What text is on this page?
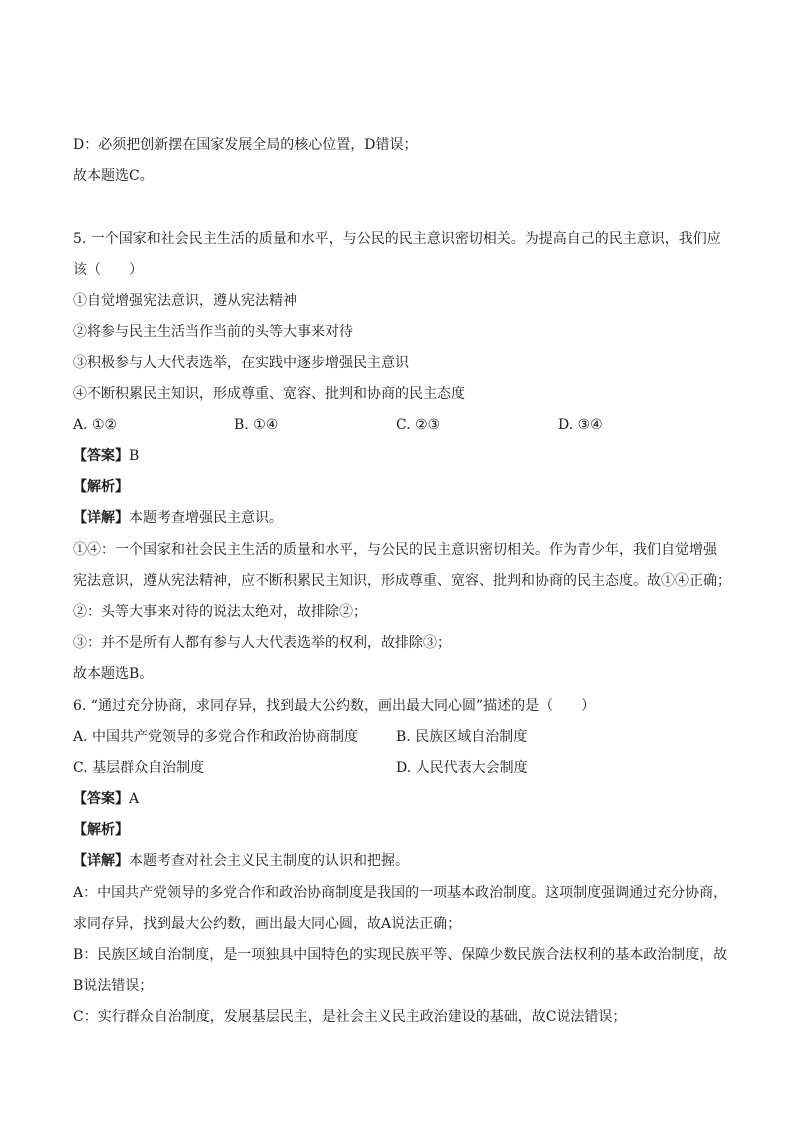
D：必须把创新摆在国家发展全局的核心位置，D错误；
故本题选C。
5. 一个国家和社会民主生活的质量和水平，与公民的民主意识密切相关。为提高自己的民主意识，我们应
该（　　）
①自觉增强宪法意识，遵从宪法精神
②将参与民主生活当作当前的头等大事来对待
③积极参与人大代表选举，在实践中逐步增强民主意识
④不断积累民主知识，形成尊重、宽容、批判和协商的民主态度
A. ①②	B. ①④	C. ②③	D. ③④
【答案】B
【解析】
【详解】本题考查增强民主意识。
①④：一个国家和社会民主生活的质量和水平，与公民的民主意识密切相关。作为青少年，我们自觉增强
宪法意识，遵从宪法精神，应不断积累民主知识，形成尊重、宽容、批判和协商的民主态度。故①④正确；
②：头等大事来对待的说法太绝对，故排除②；
③：并不是所有人都有参与人大代表选举的权利，故排除③；
故本题选B。
6. “通过充分协商，求同存异，找到最大公约数，画出最大同心圆”描述的是（　　）
A. 中国共产党领导的多党合作和政治协商制度	B. 民族区域自治制度
C. 基层群众自治制度	D. 人民代表大会制度
【答案】A
【解析】
【详解】本题考查对社会主义民主制度的认识和把握。
A：中国共产党领导的多党合作和政治协商制度是我国的一项基本政治制度。这项制度强调通过充分协商，
求同存异，找到最大公约数，画出最大同心圆，故A说法正确；
B：民族区域自治制度，是一项独具中国特色的实现民族平等、保障少数民族合法权利的基本政治制度，故
B说法错误；
C：实行群众自治制度，发展基层民主，是社会主义民主政治建设的基础，故C说法错误；
